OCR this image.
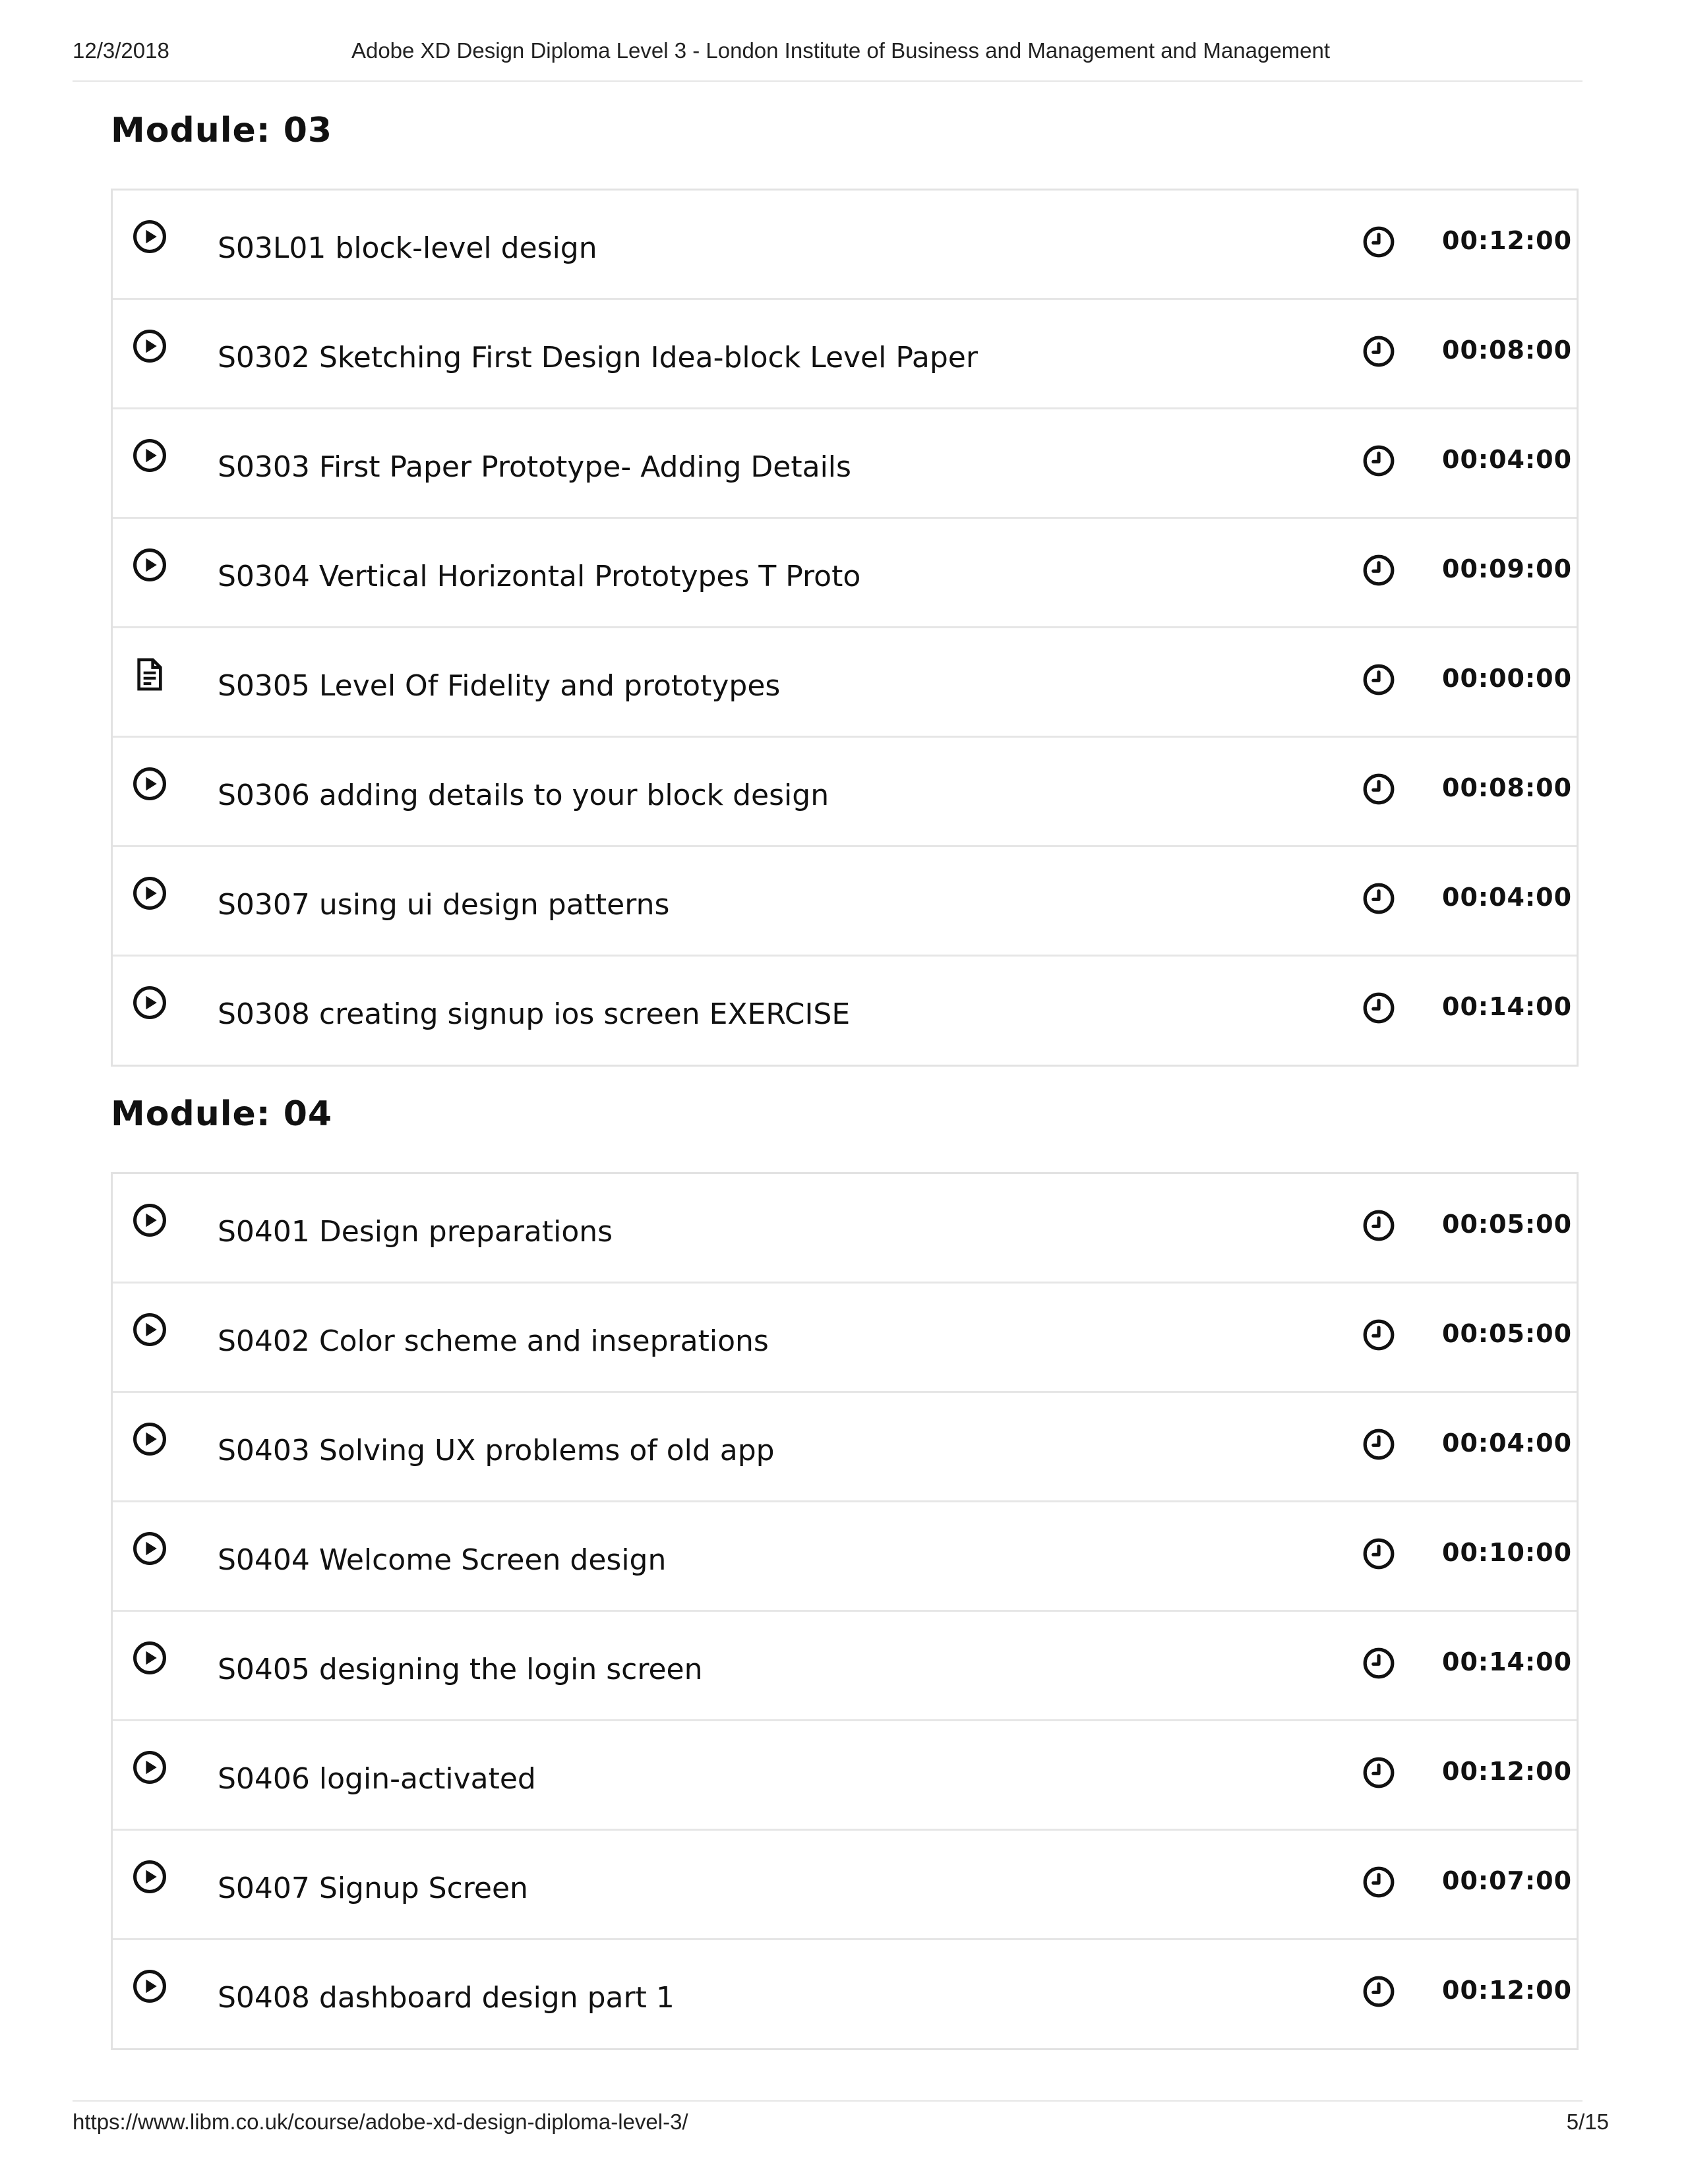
12/3/2018	Adobe XD Design Diploma Level 3 - London Institute of Business and Management and Management
Module: 03
S03L01 block-level design	00:12:00
S0302 Sketching First Design Idea-block Level Paper	00:08:00
S0303 First Paper Prototype- Adding Details	00:04:00
S0304 Vertical Horizontal Prototypes T Proto	00:09:00
S0305 Level Of Fidelity and prototypes	00:00:00
S0306 adding details to your block design	00:08:00
S0307 using ui design patterns	00:04:00
S0308 creating signup ios screen EXERCISE	00:14:00
Module: 04
S0401 Design preparations	00:05:00
S0402 Color scheme and inseprations	00:05:00
S0403 Solving UX problems of old app	00:04:00
S0404 Welcome Screen design	00:10:00
S0405 designing the login screen	00:14:00
S0406 login-activated	00:12:00
S0407 Signup Screen	00:07:00
S0408 dashboard design part 1	00:12:00
https://www.libm.co.uk/course/adobe-xd-design-diploma-level-3/	5/15
